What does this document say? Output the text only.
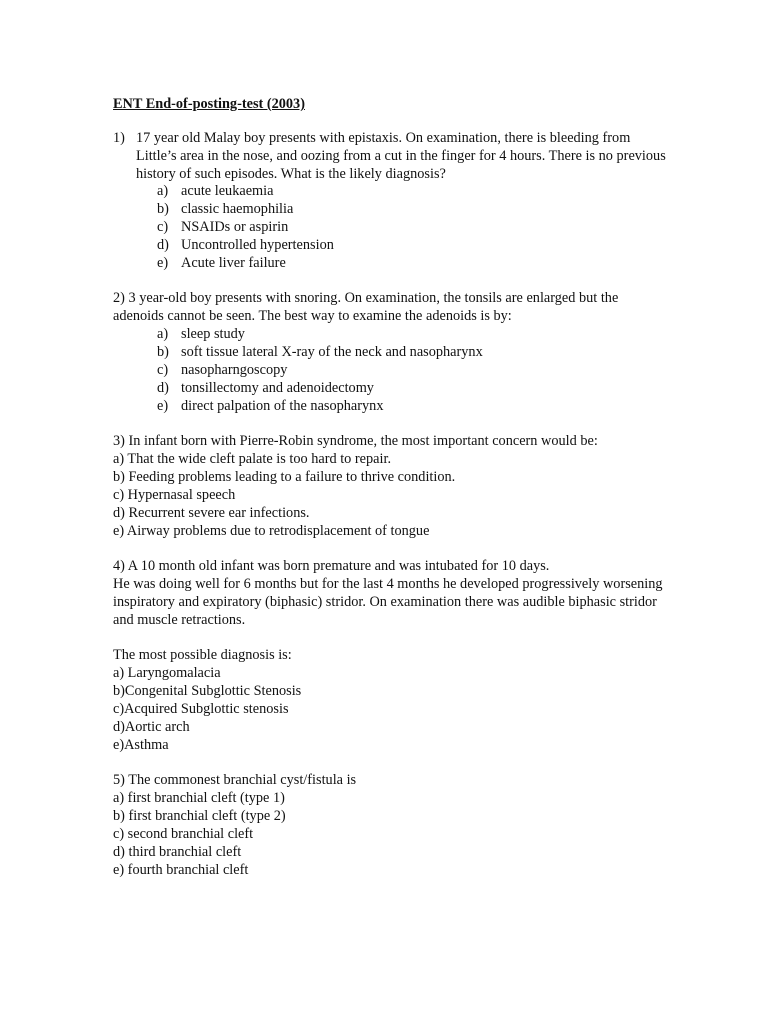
ENT End-of-posting-test (2003)
1) 17 year old Malay boy presents with epistaxis. On examination, there is bleeding from
Little’s area in the nose, and oozing from a cut in the finger for 4 hours. There is no previous
history of such episodes. What is the likely diagnosis?
a) acute leukaemia
b) classic haemophilia
c) NSAIDs or aspirin
d) Uncontrolled hypertension
e) Acute liver failure
2) 3 year-old boy presents with snoring. On examination, the tonsils are enlarged but the
adenoids cannot be seen. The best way to examine the adenoids is by:
a) sleep study
b) soft tissue lateral X-ray of the neck and nasopharynx
c) nasopharngoscopy
d) tonsillectomy and adenoidectomy
e) direct palpation of the nasopharynx
3) In infant born with Pierre-Robin syndrome, the most important concern would be:
a) That the wide cleft palate is too hard to repair.
b) Feeding problems leading to a failure to thrive condition.
c) Hypernasal speech
d) Recurrent severe ear infections.
e) Airway problems due to retrodisplacement of tongue
4) A 10 month old infant was born premature and was intubated for 10 days.
He was doing well for 6 months but for the last 4 months he developed progressively worsening
inspiratory and expiratory (biphasic) stridor. On examination there was audible biphasic stridor
and muscle retractions.
The most possible diagnosis is:
a) Laryngomalacia
b)Congenital Subglottic Stenosis
c)Acquired Subglottic stenosis
d)Aortic arch
e)Asthma
5) The commonest branchial cyst/fistula is
a) first branchial cleft (type 1)
b) first branchial cleft (type 2)
c) second branchial cleft
d) third branchial cleft
e) fourth branchial cleft
